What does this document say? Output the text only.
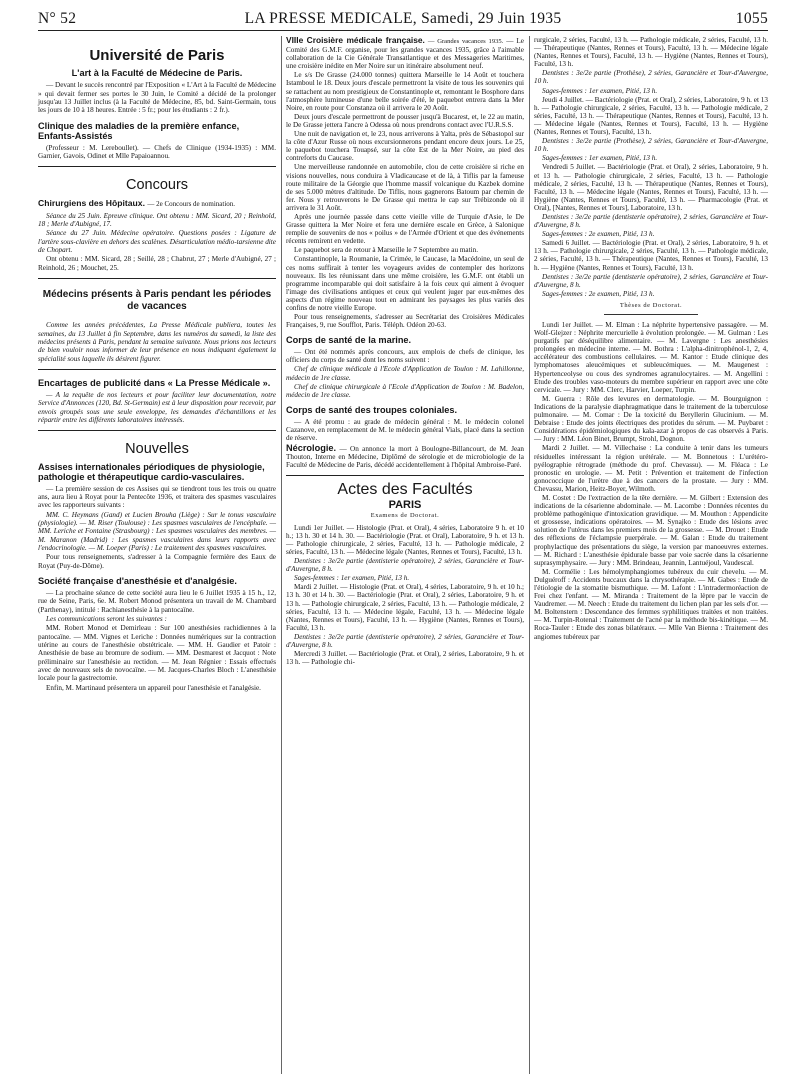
N° 52	LA PRESSE MEDICALE, Samedi, 29 Juin 1935	1055
Université de Paris
L'art à la Faculté de Médecine de Paris.

— Devant le succès rencontré par l'Exposition « L'Art à la Faculté de Médecine » qui devait fermer ses portes le 30 Juin, le Comité a décidé de la prolonger jusqu'au 13 Juillet inclus (à la Faculté de Médecine, 85, bd. Saint-Germain, tous les jours de 10 à 18 heures. Entrée : 5 fr.; pour les étudiants : 2 fr.).

Clinique des maladies de la première enfance, Enfants-Assistés

(Professeur : M. Lereboullet). — Chefs de Clinique (1934-1935) : MM. Garnier, Gavois, Odinet et Mlle Papaioannou.

Concours
Chirurgiens des Hôpitaux. — 2e Concours de nomination.

Séance du 25 Juin. Epreuve clinique. Ont obtenu : MM. Sicard, 20 ; Reinhold, 18 ; Merle d'Aubigné, 17.

Séance du 27 Juin. Médecine opératoire. Questions posées : Ligature de l'artère sous-clavière en dehors des scalènes. Désarticulation médio-tarsienne dite de Chopart.

Ont obtenu : MM. Sicard, 28 ; Seillé, 28 ; Chabrut, 27 ; Merle d'Aubigné, 27 ; Reinhold, 26 ; Mouchet, 25.

Médecins présents à Paris pendant les périodes de vacances

Comme les années précédentes, La Presse Médicale publiera, toutes les semaines, du 13 Juillet à fin Septembre, dans les numéros du samedi, la liste des médecins présents à Paris, pendant la semaine suivante. Nous prions nos lecteurs de bien vouloir nous informer de leur présence en nous indiquant également la spécialité sous laquelle ils désirent figurer.

Encartages de publicité dans « La Presse Médicale ».

— A la requête de nos lecteurs et pour faciliter leur documentation, notre Service d'Annonces (120, Bd. St-Germain) est à leur disposition pour recevoir, par envois groupés sous une seule enveloppe, les demandes d'échantillons et les répartir entre les différents laboratoires intéressés.

Nouvelles
Assises internationales périodiques de physiologie, pathologie et thérapeutique cardio-vasculaires.

— La première session de ces Assises qui se tiendront tous les trois ou quatre ans, aura lieu à Royat pour la Pentecôte 1936, et traitera des spasmes vasculaires avec les rapporteurs suivants :

MM. C. Heymans (Gand) et Lucien Brouha (Liège) : Sur le tonus vasculaire (physiologie). — M. Riser (Toulouse) : Les spasmes vasculaires de l'encéphale. — MM. Leriche et Fontaine (Strasbourg) : Les spasmes vasculaires des membres. — M. Maranon (Madrid) : Les spasmes vasculaires dans leurs rapports avec l'endocrinologie. — M. Loeper (Paris) : Le traitement des spasmes vasculaires.

Pour tous renseignements, s'adresser à la Compagnie fermière des Eaux de Royat (Puy-de-Dôme).

Société française d'anesthésie et d'analgésie.

— La prochaine séance de cette société aura lieu le 6 Juillet 1935 à 15 h., 12, rue de Seine, Paris, 6e. M. Robert Monod présentera un travail de M. Chambard (Parthenay), intitulé : Rachianesthésie à la pantocaïne.

Les communications seront les suivantes :

MM. Robert Monod et Demirleau : Sur 100 anesthésies rachidiennes à la pantocaïne. — MM. Vignes et Leriche : Données numériques sur la contraction utérine au cours de l'anesthésie obstétricale. — MM. H. Gaudier et Patoir : Anesthésie de base au bromure de sodium. — MM. Desmarest et Jacquot : Note préliminaire sur l'anesthésie au rectidon. — M. Jean Régnier : Essais effectués avec de nouveaux sels de novocaïne. — M. Jacques-Charles Bloch : L'anesthésie locale pour la gastrectomie.

Enfin, M. Martinaud présentera un appareil pour l'anesthésie et l'analgésie.

VIIIe Croisière médicale française. — Grandes vacances 1935. — Le Comité des G.M.F. organise, pour les grandes vacances 1935, grâce à l'aimable collaboration de la Cie Générale Transatlantique et des Messageries Maritimes, une croisière inédite en Mer Noire sur un itinéraire absolument neuf.

Le s/s De Grasse (24.000 tonnes) quittera Marseille le 14 Août et touchera Istamboul le 18. Deux jours d'escale permettront la visite de tous les souvenirs qui se rattachent au nom prestigieux de Constantinople et, remontant le Bosphore dans l'atmosphère lumineuse d'une belle soirée d'été, le paquebot entrera dans la Mer Noire, en route pour Constanza où il arrivera le 20 Août.

Deux jours d'escale permettront de pousser jusqu'à Bucarest, et, le 22 au matin, le De Grasse jettera l'ancre à Odessa où nous prendrons contact avec l'U.R.S.S.

Une nuit de navigation et, le 23, nous arriverons à Yalta, près de Sébastopol sur la côte d'Azur Russe où nous excursionnerons pendant encore deux jours. Le 25, le paquebot touchera Touapsé, sur la côte Est de la Mer Noire, au pied des contreforts du Caucase.

Une merveilleuse randonnée en automobile, clou de cette croisière si riche en visions nouvelles, nous conduira à Vladicaucase et de là, à Tiflis par la fameuse route militaire de la Géorgie que l'homme massif volcanique du Kazbek domine de ses 5.000 mètres d'altitude. De Tiflis, nous gagnerons Batoum par chemin de fer. Nous y retrouverons le De Grasse qui mettra le cap sur Trébizonde où il arrivera le 31 Août.

Après une journée passée dans cette vieille ville de Turquie d'Asie, le De Grasse quittera la Mer Noire et fera une dernière escale en Grèce, à Salonique remplie de souvenirs de nos « poilus » de l'Armée d'Orient et que des événements récents remirent en vedette.

Le paquebot sera de retour à Marseille le 7 Septembre au matin.

Constantinople, la Roumanie, la Crimée, le Caucase, la Macédoine, un seul de ces noms suffirait à tenter les voyageurs avides de contempler des horizons nouveaux. Ils les réunissant dans une même croisière, les G.M.F. ont établi un programme incomparable qui doit satisfaire à la fois ceux qui aiment à évoquer l'image des civilisations antiques et ceux qui veulent juger par eux-mêmes des aspects d'un régime nouveau tout en admirant les paysages les plus variés des confins de notre vieille Europe.

Pour tous renseignements, s'adresser au Secrétariat des Croisières Médicales Françaises, 9, rue Soufflot, Paris. Téléph. Odéon 20-63.

Corps de santé de la marine.

— Ont été nommés après concours, aux emplois de chefs de clinique, les officiers du corps de santé dont les noms suivent :

Chef de clinique médicale à l'Ecole d'Application de Toulon : M. Lahillonne, médecin de 1re classe.

Chef de clinique chirurgicale à l'Ecole d'Application de Toulon : M. Badelon, médecin de 1re classe.

Corps de santé des troupes coloniales.

— A été promu : au grade de médecin général : M. le médecin colonel Cazanove, en remplacement de M. le médecin général Vials, placé dans la section de réserve.

Nécrologie. — On annonce la mort à Boulogne-Billancourt, de M. Jean Thouton, Interne en Médecine, Diplômé de sérologie et de microbiologie de la Faculté de Médecine de Paris, décédé accidentellement à l'hôpital Ambroise-Paré.

Actes des Facultés
PARIS
Examens de Doctorat.

Lundi 1er Juillet. — Histologie (Prat. et Oral), 4 séries, Laboratoire 9 h. et 10 h.; 13 h. 30 et 14 h. 30. — Bactériologie (Prat. et Oral), Laboratoire, 9 h. et 13 h. — Pathologie chirurgicale, 2 séries, Faculté, 13 h. — Pathologie médicale, 2 séries, Faculté, 13 h. — Médecine légale (Nantes, Rennes et Tours), Faculté, 13 h.

Dentistes : 3e/2e partie (dentisterie opératoire), 2 séries, Garancière et Tour-d'Auvergne, 8 h.

Sages-femmes : 1er examen, Pitié, 13 h.

Mardi 2 Juillet. — Histologie (Prat. et Oral), 4 séries, Laboratoire, 9 h. et 10 h.; 13 h. 30 et 14 h. 30. — Bactériologie (Prat. et Oral), 2 séries, Laboratoire, 9 h. et 13 h. — Pathologie chirurgicale, 2 séries, Faculté, 13 h. — Pathologie médicale, 2 séries, Faculté, 13 h. — Médecine légale, Faculté, 13 h. — Médecine légale (Nantes, Rennes et Tours), Faculté, 13 h. — Hygiène (Nantes, Rennes et Tours), Faculté, 13 h.

Dentistes : 3e/2e partie (dentisterie opératoire), 2 séries, Garancière et Tour-d'Auvergne, 8 h.

Mercredi 3 Juillet. — Bactériologie (Prat. et Oral), 2 séries, Laboratoire, 9 h. et 13 h. — Pathologie chi-

rurgicale, 2 séries, Faculté, 13 h. — Pathologie médicale, 2 séries, Faculté, 13 h. — Thérapeutique (Nantes, Rennes et Tours), Faculté, 13 h. — Médecine légale (Nantes, Rennes et Tours), Faculté, 13 h. — Hygiène (Nantes, Rennes et Tours), Faculté, 13 h.

Dentistes : 3e/2e partie (Prothèse), 2 séries, Garancière et Tour-d'Auvergne, 10 h.

Sages-femmes : 1er examen, Pitié, 13 h.

Jeudi 4 Juillet. — Bactériologie (Prat. et Oral), 2 séries, Laboratoire, 9 h. et 13 h. — Pathologie chirurgicale, 2 séries, Faculté, 13 h. — Pathologie médicale, 2 séries, Faculté, 13 h. — Thérapeutique (Nantes, Rennes et Tours), Faculté, 13 h. — Médecine légale (Nantes, Rennes et Tours), Faculté, 13 h. — Hygiène (Nantes, Rennes et Tours), Faculté, 13 h.

Dentistes : 3e/2e partie (Prothèse), 2 séries, Garancière et Tour-d'Auvergne, 10 h.

Sages-femmes : 1er examen, Pitié, 13 h.

Vendredi 5 Juillet. — Bactériologie (Prat. et Oral), 2 séries, Laboratoire, 9 h. et 13 h. — Pathologie chirurgicale, 2 séries, Faculté, 13 h. — Pathologie médicale, 2 séries, Faculté, 13 h. — Thérapeutique (Nantes, Rennes et Tours), Faculté, 13 h. — Médecine légale (Nantes, Rennes et Tours), Faculté, 13 h. — Hygiène (Nantes, Rennes et Tours), Faculté, 13 h. — Pharmacologie (Prat. et Oral), [Nantes, Rennes et Tours], Laboratoire, 13 h.

Dentistes : 3e/2e partie (dentisterie opératoire), 2 séries, Garancière et Tour-d'Auvergne, 8 h.

Sages-femmes : 2e examen, Pitié, 13 h.

Samedi 6 Juillet. — Bactériologie (Prat. et Oral), 2 séries, Laboratoire, 9 h. et 13 h. — Pathologie chirurgicale, 2 séries, Faculté, 13 h. — Pathologie médicale, 2 séries, Faculté, 13 h. — Thérapeutique (Nantes, Rennes et Tours), Faculté, 13 h. — Hygiène (Nantes, Rennes et Tours), Faculté, 13 h.

Dentistes : 3e/2e partie (dentisterie opératoire), 2 séries, Garancière et Tour-d'Auvergne, 8 h.

Sages-femmes : 2e examen, Pitié, 13 h.

Thèses de Doctorat.

Lundi 1er Juillet. — M. Elman : La néphrite hypertensive passagère. — M. Wolf-Glejzer : Néphrite mercurielle à évolution prolongée. — M. Gulman : Les purgatifs par déséquilibre alimentaire. — M. Lavergne : Les anesthésies prolongées en médecine interne. — M. Bothra : L'alpha-dinitrophénol-1, 2, 4, accélérateur des combustions cellulaires. — M. Kantor : Etude clinique des lymphomatoses aleucémiques et subleucémiques. — M. Maugenest : Hypertenceolyse ou cous des syndromes agranulocytaires. — M. Angellini : Etude des troubles vaso-moteurs du membre supérieur en rapport avec une côte cervicale. — Jury : MM. Clerc, Harvier, Loeper, Turpin.

M. Guerra : Rôle des levures en dermatologie. — M. Bourguignon : Indications de la paralysie diaphragmatique dans le traitement de la tuberculose pulmonaire. — M. Comar : De la toxicité du Beryllerin Glucinium. — M. Debraise : Etude des joints électriques des protides du sérum. — M. Puybaret : Considérations épidémiologiques du kala-azar à propos de cas observés à Paris. — Jury : MM. Léon Binet, Brumpt, Strohl, Dognon.

Mardi 2 Juillet. — M. Villechaise : La conduite à tenir dans les tumeurs résiduelles intéressant la région urétérale. — M. Bonnetous : L'urétéro-pyélographie rétrograde (méthode du prof. Chevassu). — M. Fléaca : Le pronostic en urologie. — M. Petit : Prévention et traitement de l'infection gonococcique de l'urètre due à des cancers de la prostate. — Jury : MM. Chevassu, Marion, Heitz-Boyer, Wilmoth.

M. Costet : De l'extraction de la tête dernière. — M. Gilbert : Extension des indications de la césarienne abdominale. — M. Lacombe : Données récentes du problème pathogénique d'intoxication gravidique. — M. Mouthon : Appendicite et grossesse, indications opératoires. — M. Synajko : Etude des lésions avec solution de l'utérus dans les premiers mois de la grossesse. — M. Drouet : Etude des réflexions de l'éclampsie puerpérale. — M. Galan : Etude du traitement prophylactique des présentations du siège, la version par manoeuvres externes. — M. Richard : L'anesthésie épidurale basse par voie sacrée dans la césarienne suprasymphysaire. — Jury : MM. Brindeau, Jeannin, Lantuéjoul, Vaudescal.

M. Cormélie : Les hémolymphangiomes tubéreux du cuir chevelu. — M. Dulguéroff : Accidents buccaux dans la chrysothérapie. — M. Gabes : Etude de l'étiologie de la stomatite bismuthique. — M. Lafont : L'intradermoréaction de Frei chez l'enfant. — M. Miranda : Traitement de la lèpre par le vaccin de Vaudremer. — M. Neech : Etude du traitement du lichen plan par les sels d'or. — M. Boltenstern : Descendance des femmes syphilitiques traitées et non traitées. — M. Turpin-Rotenal : Traitement de l'acné par la méthode bis-kinétique. — M. Roca-Tauler : Etude des zonas bilatéraux. — Mlle Van Bienna : Traitement des angiomes tubéreux par
